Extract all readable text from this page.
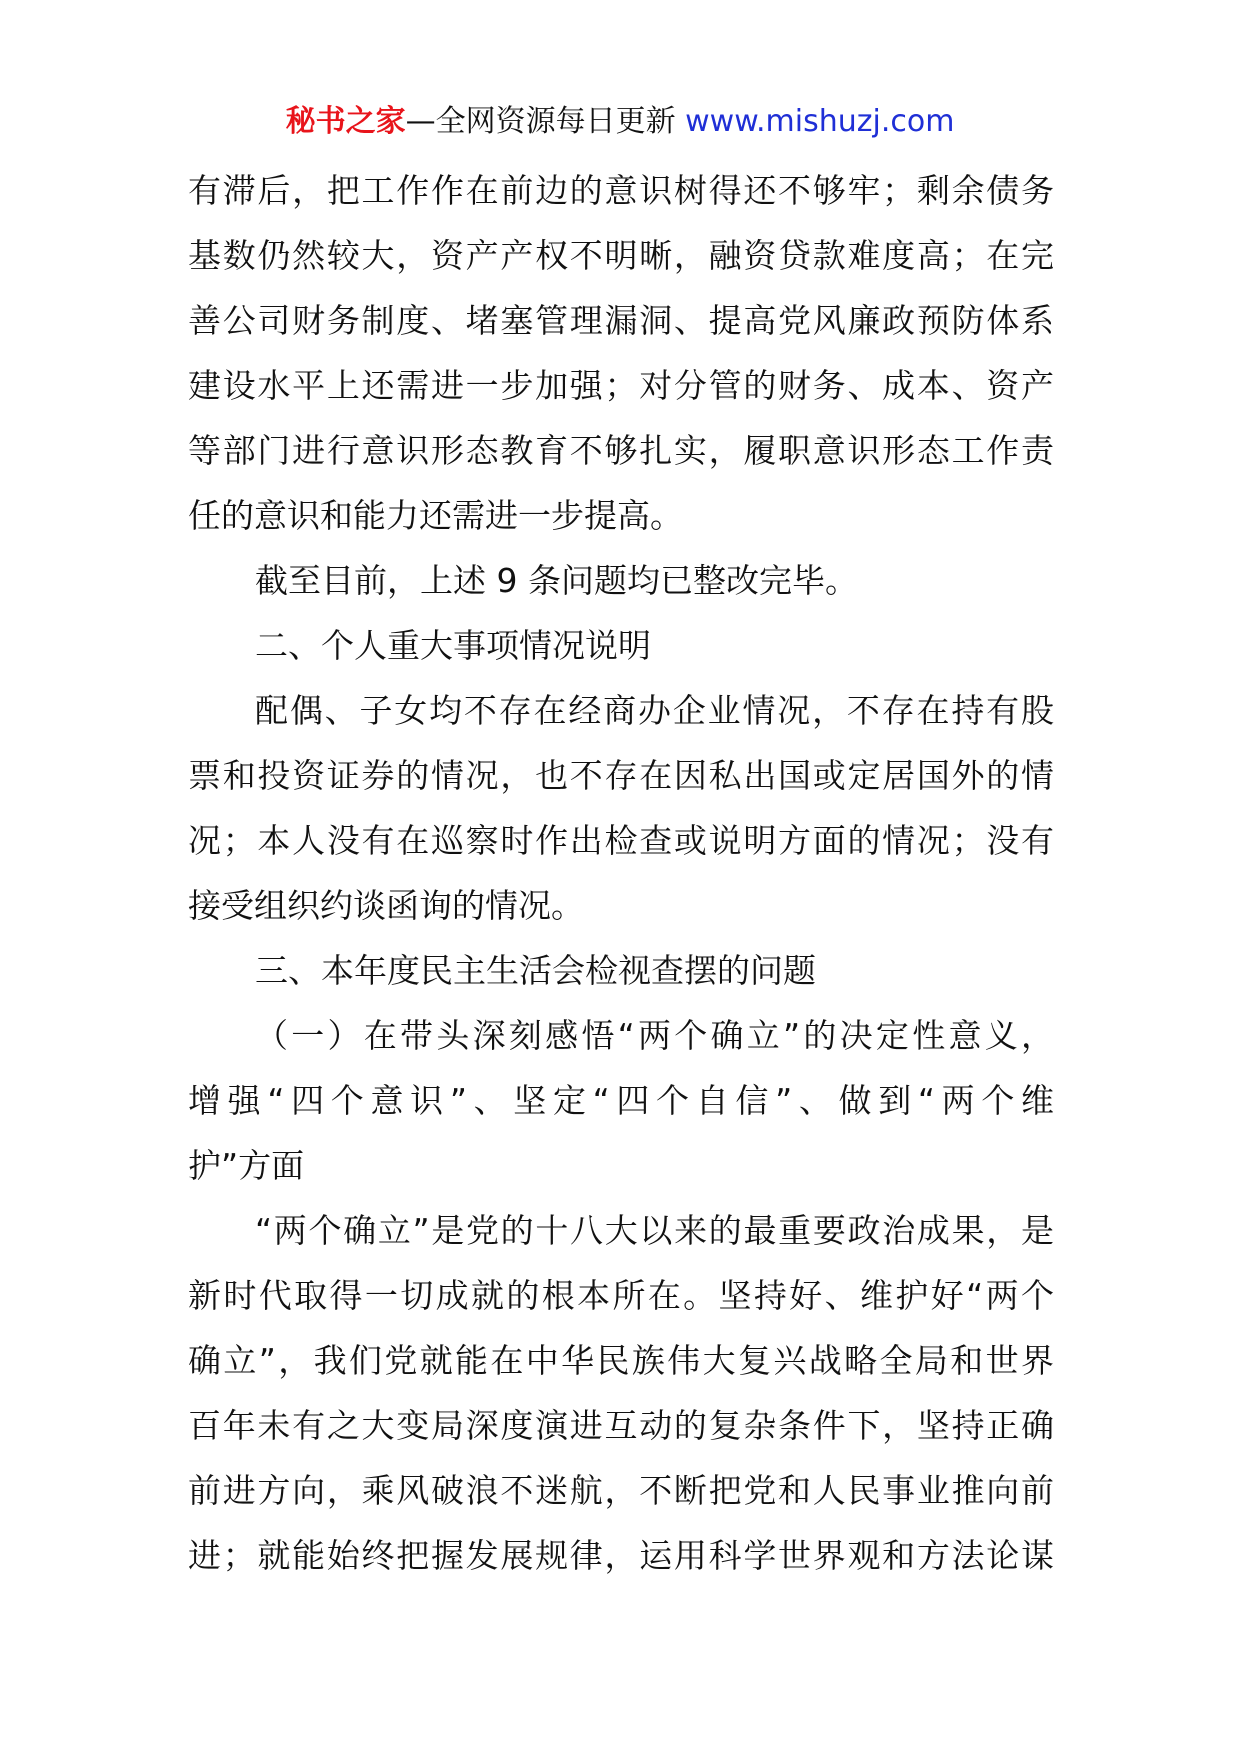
秘书之家—全网资源每日更新 www.mishuzj.com
有滞后，把工作作在前边的意识树得还不够牢；剩余债务
基数仍然较大，资产产权不明晰，融资贷款难度高；在完
善公司财务制度、堵塞管理漏洞、提高党风廉政预防体系
建设水平上还需进一步加强；对分管的财务、成本、资产
等部门进行意识形态教育不够扎实，履职意识形态工作责
任的意识和能力还需进一步提高。
截至目前，上述 9 条问题均已整改完毕。
二、个人重大事项情况说明
配偶、子女均不存在经商办企业情况，不存在持有股
票和投资证券的情况，也不存在因私出国或定居国外的情
况；本人没有在巡察时作出检查或说明方面的情况；没有
接受组织约谈函询的情况。
三、本年度民主生活会检视查摆的问题
（一）在带头深刻感悟“两个确立”的决定性意义，
增强“四个意识”、坚定“四个自信”、做到“两个维
护”方面
“两个确立”是党的十八大以来的最重要政治成果，是
新时代取得一切成就的根本所在。坚持好、维护好“两个
确立”，我们党就能在中华民族伟大复兴战略全局和世界
百年未有之大变局深度演进互动的复杂条件下，坚持正确
前进方向，乘风破浪不迷航，不断把党和人民事业推向前
进；就能始终把握发展规律，运用科学世界观和方法论谋
